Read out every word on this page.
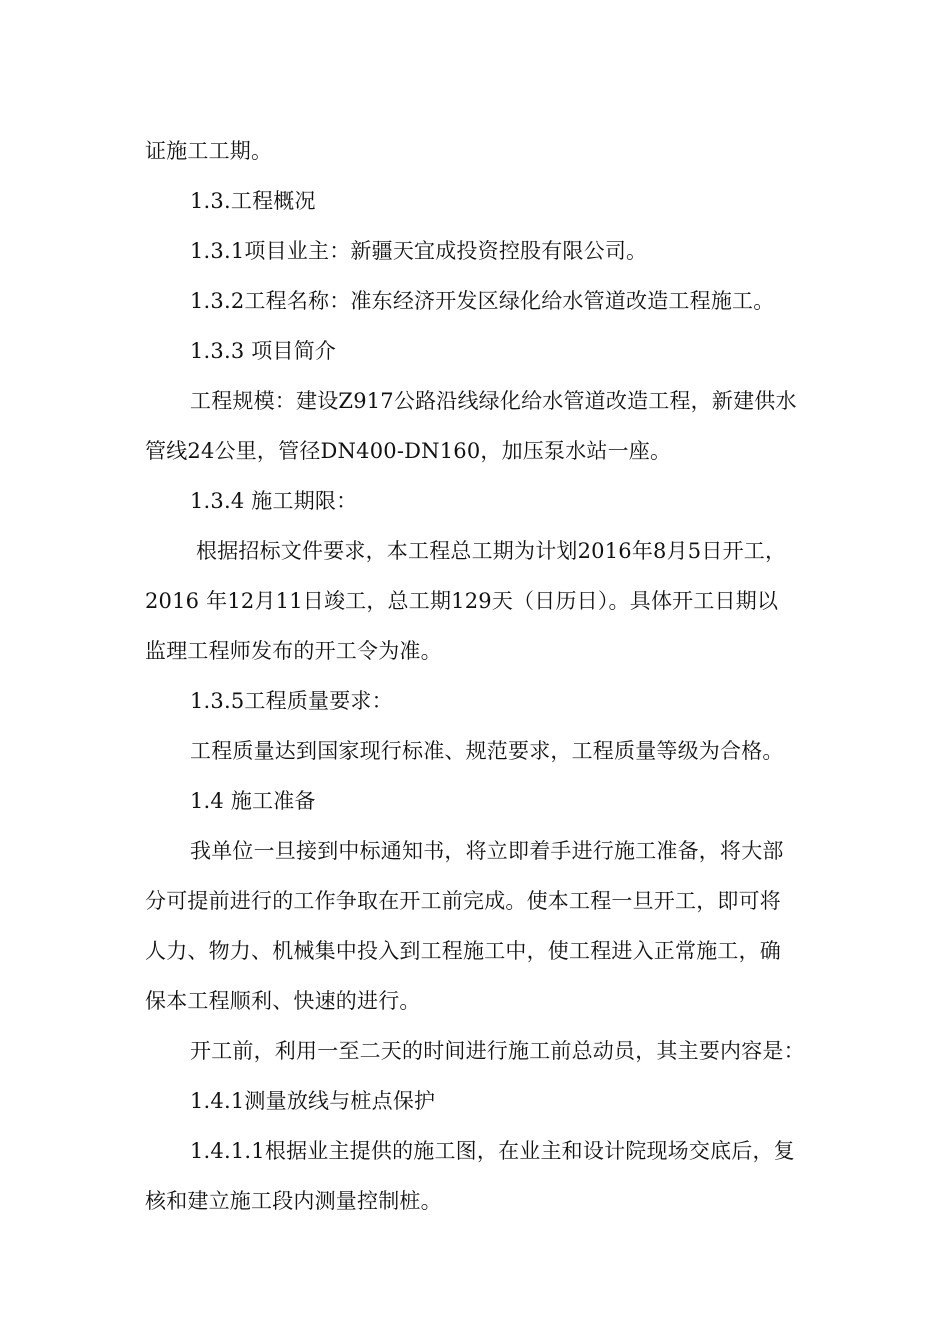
证施工工期。
1.3.工程概况
1.3.1项目业主：新疆天宜成投资控股有限公司。
1.3.2工程名称：准东经济开发区绿化给水管道改造工程施工。
1.3.3 项目简介
工程规模：建设Z917公路沿线绿化给水管道改造工程，新建供水
管线24公里，管径DN400-DN160，加压泵水站一座。
1.3.4 施工期限：
根据招标文件要求，本工程总工期为计划2016年8月5日开工，
2016 年12月11日竣工，总工期129天（日历日）。具体开工日期以
监理工程师发布的开工令为准。
1.3.5工程质量要求：
工程质量达到国家现行标准、规范要求，工程质量等级为合格。
1.4 施工准备
我单位一旦接到中标通知书，将立即着手进行施工准备，将大部
分可提前进行的工作争取在开工前完成。使本工程一旦开工，即可将
人力、物力、机械集中投入到工程施工中，使工程进入正常施工，确
保本工程顺利、快速的进行。
开工前，利用一至二天的时间进行施工前总动员，其主要内容是：
1.4.1测量放线与桩点保护
1.4.1.1根据业主提供的施工图，在业主和设计院现场交底后，复
核和建立施工段内测量控制桩。
